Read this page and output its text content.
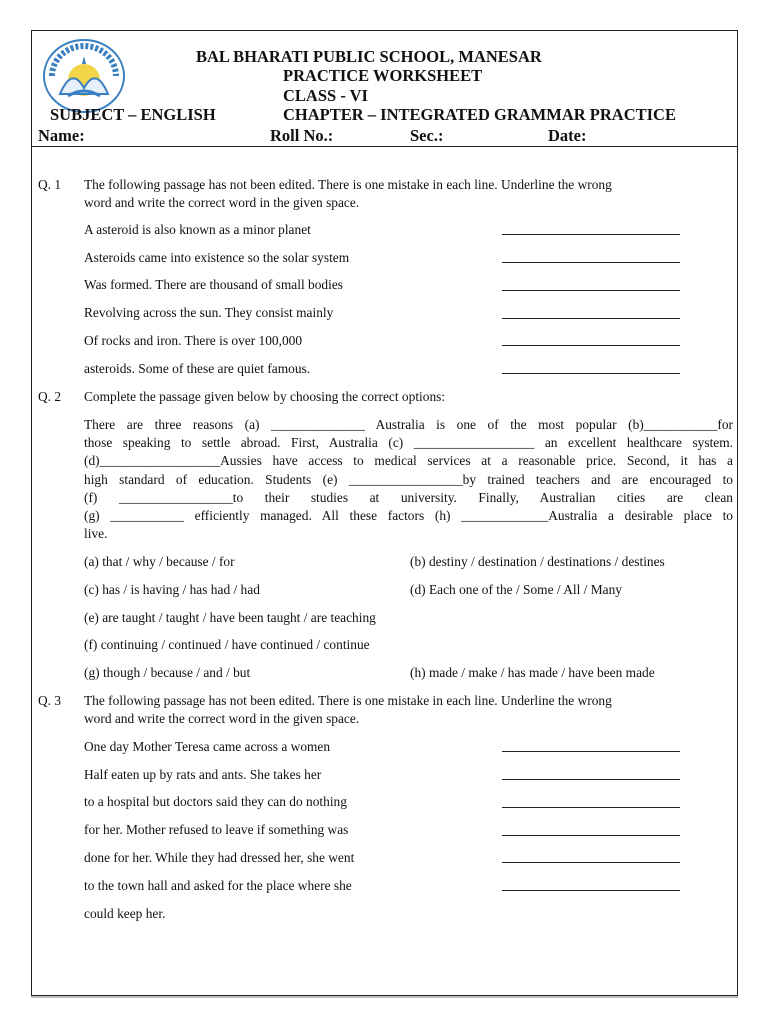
BAL BHARATI PUBLIC SCHOOL, MANESAR
PRACTICE WORKSHEET
CLASS - VI
SUBJECT – ENGLISH	CHAPTER – INTEGRATED GRAMMAR PRACTICE
Name:	Roll No.:	Sec.:	Date:
Q. 1 The following passage has not been edited. There is one mistake in each line. Underline the wrong
word and write the correct word in the given space.
A asteroid is also known as a minor planet
Asteroids came into existence so the solar system
Was formed. There are thousand of small bodies
Revolving across the sun. They consist mainly
Of rocks and iron. There is over 100,000
asteroids. Some of these are quiet famous.
Q. 2 Complete the passage given below by choosing the correct options:
There are three reasons (a) ______________ Australia is one of the most popular (b)___________for
those speaking to settle abroad. First, Australia (c) __________________ an excellent healthcare system.
(d)__________________Aussies have access to medical services at a reasonable price. Second, it has a
high standard of education. Students (e) _________________by trained teachers and are encouraged to
(f) _________________to their studies at university. Finally, Australian cities are clean
(g) ___________ efficiently managed. All these factors (h) _____________Australia a desirable place to
live.
(a) that / why / because / for	(b) destiny / destination / destinations / destines
(c) has / is having / has had / had	(d) Each one of the / Some / All / Many
(e) are taught / taught / have been taught / are teaching
(f) continuing / continued / have continued / continue
(g) though / because / and / but	(h) made / make / has made / have been made
Q. 3 The following passage has not been edited. There is one mistake in each line. Underline the wrong
word and write the correct word in the given space.
One day Mother Teresa came across a women
Half eaten up by rats and ants. She takes her
to a hospital but doctors said they can do nothing
for her. Mother refused to leave if something was
done for her. While they had dressed her, she went
to the town hall and asked for the place where she
could keep her.
